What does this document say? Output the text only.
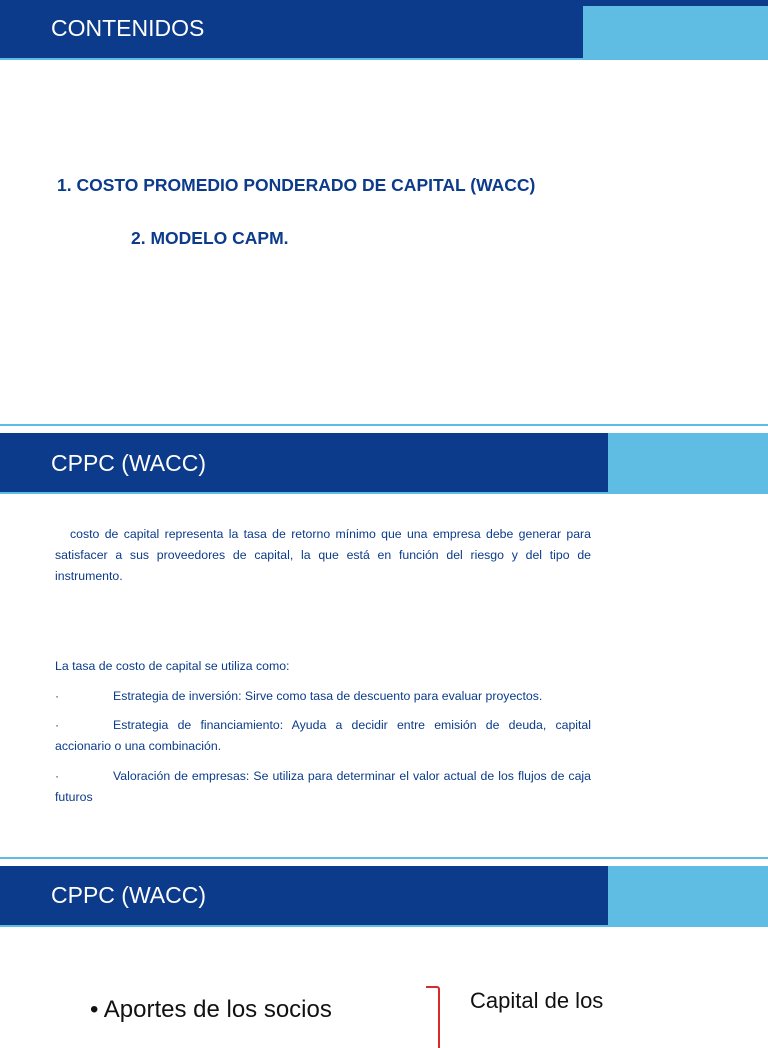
CONTENIDOS
1. COSTO PROMEDIO PONDERADO DE CAPITAL (WACC)
2. MODELO CAPM.
CPPC (WACC)

costo de capital representa la tasa de retorno mínimo que una empresa debe generar para satisfacer a sus proveedores de capital, la que está en función del riesgo y del tipo de instrumento.

La tasa de costo de capital se utiliza como:

·	Estrategia de inversión: Sirve como tasa de descuento para evaluar proyectos.

·	Estrategia de financiamiento: Ayuda a decidir entre emisión de deuda, capital accionario o una combinación.

·	Valoración de empresas: Se utiliza para determinar el valor actual de los flujos de caja futuros

CPPC (WACC)
• Aportes de los socios	Capital de los
